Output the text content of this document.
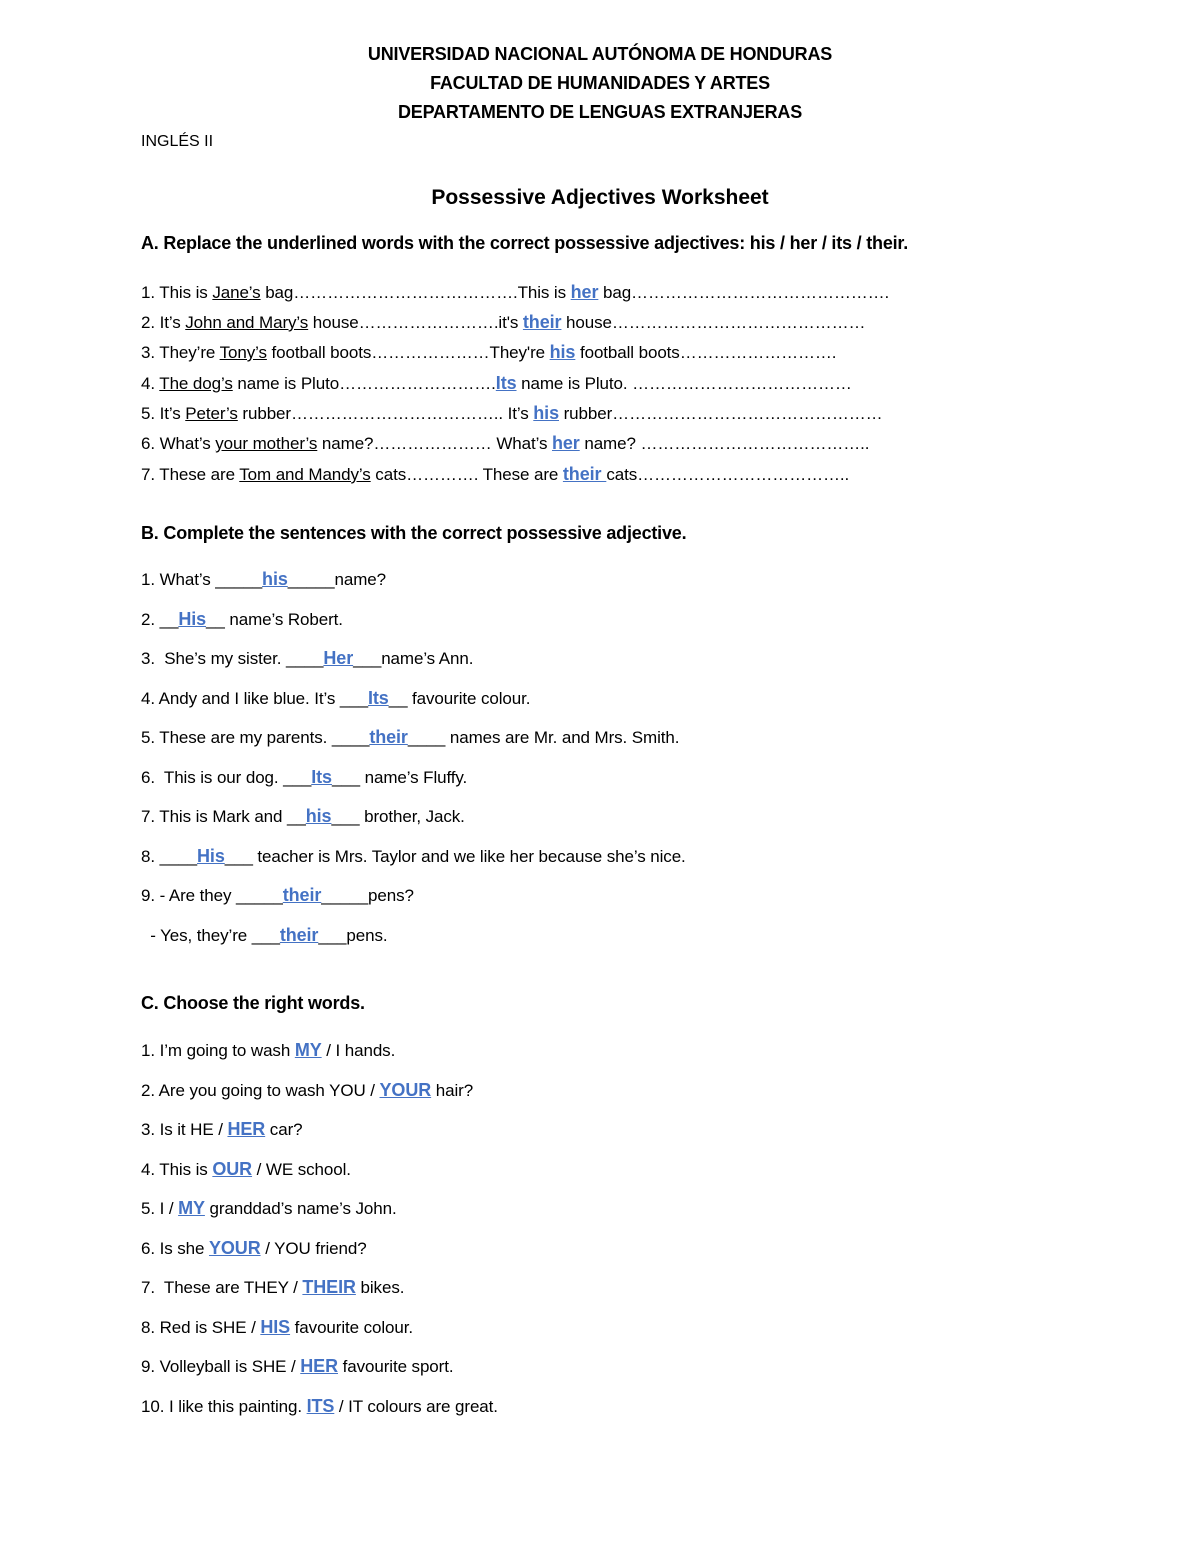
UNIVERSIDAD NACIONAL AUTÓNOMA DE HONDURAS
FACULTAD DE HUMANIDADES Y ARTES
DEPARTAMENTO DE LENGUAS EXTRANJERAS
INGLÉS II
Possessive Adjectives Worksheet
A. Replace the underlined words with the correct possessive adjectives: his / her / its / their.
1. This is Jane’s bag………………………………….This is her bag……………………………………….
2. It’s John and Mary’s house…………………….it's their house………………………………………
3. They’re Tony’s football boots…………………They're his football boots……………………….
4. The dog’s name is Pluto……………………….Its name is Pluto. …………………………………
5. It’s Peter’s rubber……………………………….. It’s his rubber…………………………………………
6. What’s your mother’s name?………………… What’s her name? …………………………………..
7. These are Tom and Mandy’s cats…………. These are their cats………………………………..
B. Complete the sentences with the correct possessive adjective.
1. What’s _____his_____name?
2. __His__ name’s Robert.
3.  She’s my sister. ____Her___name’s Ann.
4. Andy and I like blue. It’s ___Its__ favourite colour.
5. These are my parents. ____their____ names are Mr. and Mrs. Smith.
6.  This is our dog. ___Its___ name’s Fluffy.
7. This is Mark and __his___ brother, Jack.
8. ____His___ teacher is Mrs. Taylor and we like her because she’s nice.
9. - Are they _____their_____pens?
- Yes, they’re ___their___pens.
C. Choose the right words.
1. I’m going to wash MY / I hands.
2. Are you going to wash YOU / YOUR hair?
3. Is it HE / HER car?
4. This is OUR / WE school.
5. I / MY granddad’s name’s John.
6. Is she YOUR / YOU friend?
7.  These are THEY / THEIR bikes.
8. Red is SHE / HIS favourite colour.
9. Volleyball is SHE / HER favourite sport.
10. I like this painting. ITS / IT colours are great.
